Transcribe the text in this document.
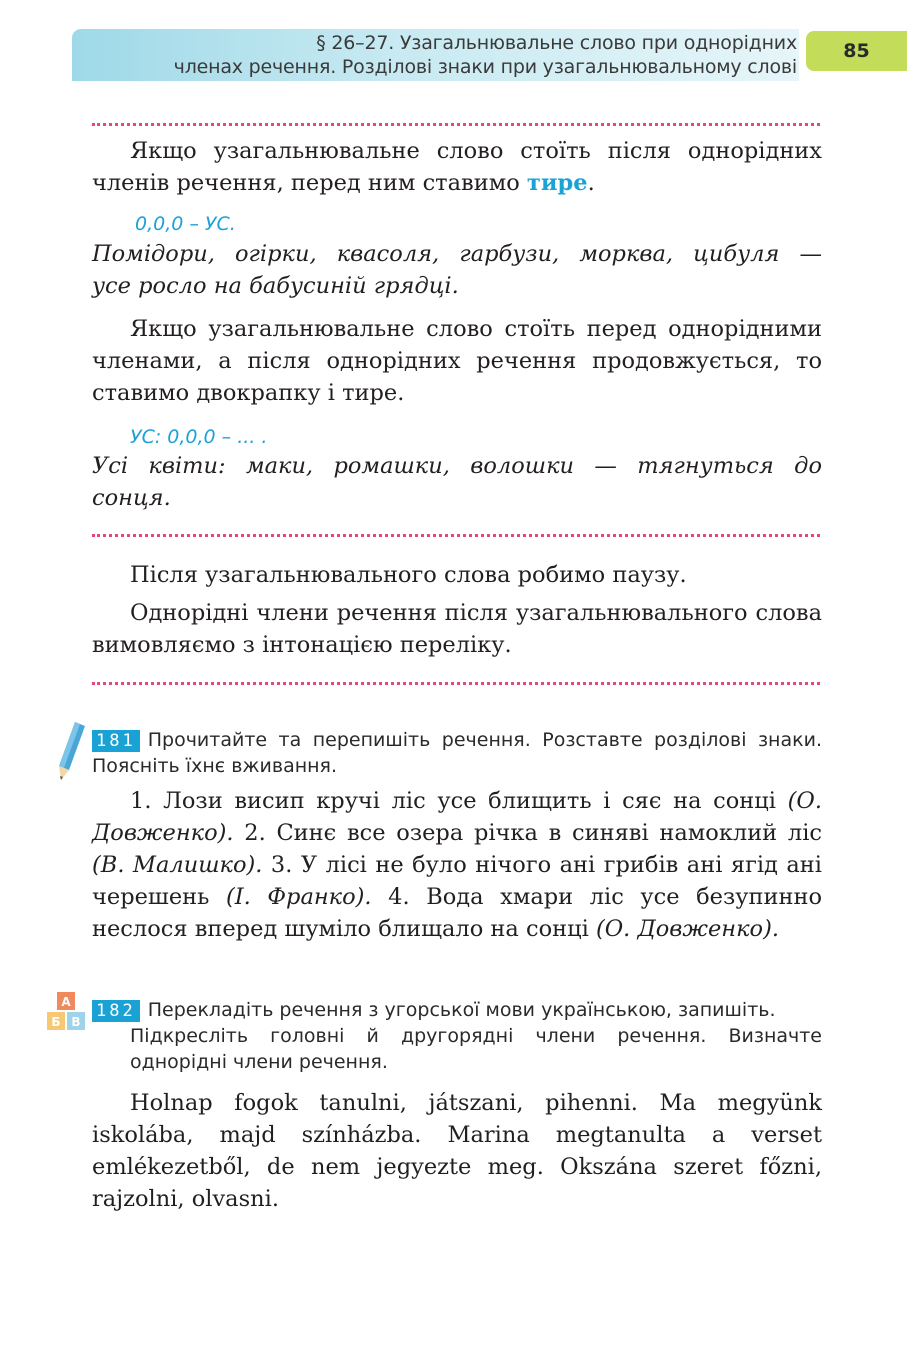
§ 26–27. Узагальнювальне слово при однорідних
членах речення. Розділові знаки при узагальнювальному слові
85
Якщо узагальнювальне слово стоїть після однорідних членів речення, перед ним ставимо тире.
0,0,0 – УС.
Помідори, огірки, квасоля, гарбузи, морква, цибуля —
усе росло на бабусиній грядці.
Якщо узагальнювальне слово стоїть перед однорідними членами, а після однорідних речення продовжується, то ставимо двокрапку і тире.
УС: 0,0,0 – ... .
Усі квіти: маки, ромашки, волошки — тягнуться до
сонця.
Після узагальнювального слова робимо паузу.
Однорідні члени речення після узагальнювального слова вимовляємо з інтонацією переліку.
181 Прочитайте та перепишіть речення. Розставте розділові знаки. Поясніть їхнє вживання.
1. Лози висип кручі ліс усе блищить і сяє на сонці (О. Довженко). 2. Синє все озера річка в синяві намоклий ліс (В. Малишко). 3. У лісі не було нічого ані грибів ані ягід ані черешень (І. Франко). 4. Вода хмари ліс усе безупинно неслося вперед шуміло блищало на сонці (О. Довженко).
A
Б В
182 Перекладіть речення з угорської мови українською, запишіть.
Підкресліть головні й другорядні члени речення. Визначте однорідні члени речення.
Holnap fogok tanulni, játszani, pihenni. Ma megyünk iskolába, majd színházba. Marina megtanulta a verset emlékezetből, de nem jegyezte meg. Okszána szeret főzni, rajzolni, olvasni.
